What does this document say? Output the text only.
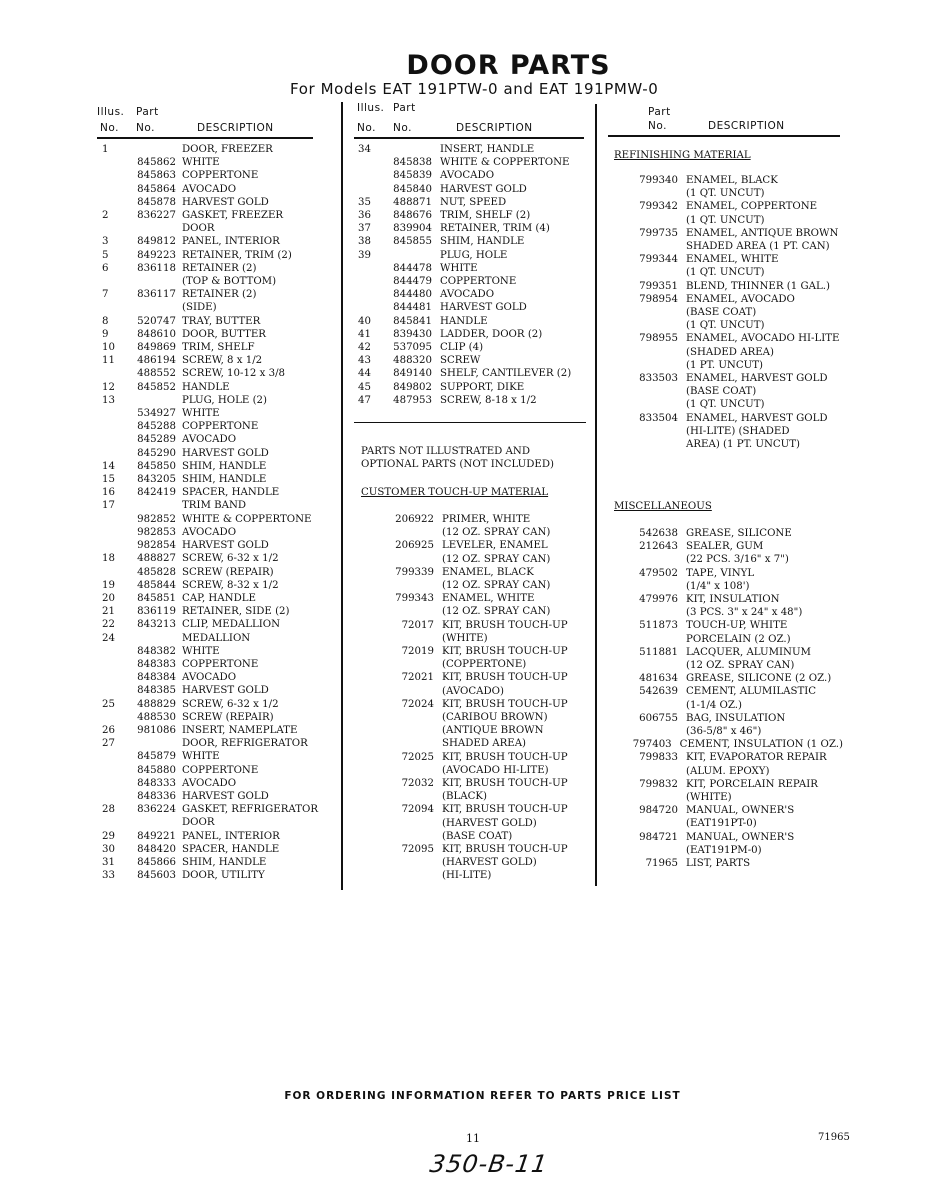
DOOR PARTS
For Models EAT 191PTW-0 and EAT 191PMW-0
Illus. Part
No. No.	DESCRIPTION
Illus. Part
No. No.	DESCRIPTION
Part
No.	DESCRIPTION
1	DOOR, FREEZER
845862 WHITE
845863 COPPERTONE
845864 AVOCADO
845878 HARVEST GOLD
2	836227 GASKET, FREEZER
DOOR
3	849812 PANEL, INTERIOR
5	849223 RETAINER, TRIM (2)
6	836118 RETAINER (2)
(TOP & BOTTOM)
7	836117 RETAINER (2)
(SIDE)
8	520747 TRAY, BUTTER
9	848610 DOOR, BUTTER
10	849869 TRIM, SHELF
11	486194 SCREW, 8 x 1/2
488552 SCREW, 10-12 x 3/8
12	845852 HANDLE
13	PLUG, HOLE (2)
534927 WHITE
845288 COPPERTONE
845289 AVOCADO
845290 HARVEST GOLD
14	845850 SHIM, HANDLE
15	843205 SHIM, HANDLE
16	842419 SPACER, HANDLE
17	TRIM BAND
982852 WHITE & COPPERTONE
982853 AVOCADO
982854 HARVEST GOLD
18	488827 SCREW, 6-32 x 1/2
485828 SCREW (REPAIR)
19	485844 SCREW, 8-32 x 1/2
20	845851 CAP, HANDLE
21	836119 RETAINER, SIDE (2)
22	843213 CLIP, MEDALLION
24	MEDALLION
848382 WHITE
848383 COPPERTONE
848384 AVOCADO
848385 HARVEST GOLD
25	488829 SCREW, 6-32 x 1/2
488530 SCREW (REPAIR)
26	981086 INSERT, NAMEPLATE
27	DOOR, REFRIGERATOR
845879 WHITE
845880 COPPERTONE
848333 AVOCADO
848336 HARVEST GOLD
28	836224 GASKET, REFRIGERATOR
DOOR
29	849221 PANEL, INTERIOR
30	848420 SPACER, HANDLE
31	845866 SHIM, HANDLE
33	845603 DOOR, UTILITY
34	INSERT, HANDLE
845838 WHITE & COPPERTONE
845839 AVOCADO
845840 HARVEST GOLD
35	488871 NUT, SPEED
36	848676 TRIM, SHELF (2)
37	839904 RETAINER, TRIM (4)
38	845855 SHIM, HANDLE
39	PLUG, HOLE
844478 WHITE
844479 COPPERTONE
844480 AVOCADO
844481 HARVEST GOLD
40	845841 HANDLE
41	839430 LADDER, DOOR (2)
42	537095 CLIP (4)
43	488320 SCREW
44	849140 SHELF, CANTILEVER (2)
45	849802 SUPPORT, DIKE
47	487953 SCREW, 8-18 x 1/2
PARTS NOT ILLUSTRATED AND
OPTIONAL PARTS (NOT INCLUDED)
CUSTOMER TOUCH-UP MATERIAL
206922 PRIMER, WHITE
(12 OZ. SPRAY CAN)
206925 LEVELER, ENAMEL
(12 OZ. SPRAY CAN)
799339 ENAMEL, BLACK
(12 OZ. SPRAY CAN)
799343 ENAMEL, WHITE
(12 OZ. SPRAY CAN)
72017 KIT, BRUSH TOUCH-UP
(WHITE)
72019 KIT, BRUSH TOUCH-UP
(COPPERTONE)
72021 KIT, BRUSH TOUCH-UP
(AVOCADO)
72024 KIT, BRUSH TOUCH-UP
(CARIBOU BROWN)
(ANTIQUE BROWN
SHADED AREA)
72025 KIT, BRUSH TOUCH-UP
(AVOCADO HI-LITE)
72032 KIT, BRUSH TOUCH-UP
(BLACK)
72094 KIT, BRUSH TOUCH-UP
(HARVEST GOLD)
(BASE COAT)
72095 KIT, BRUSH TOUCH-UP
(HARVEST GOLD)
(HI-LITE)
REFINISHING MATERIAL
799340 ENAMEL, BLACK
(1 QT. UNCUT)
799342 ENAMEL, COPPERTONE
(1 QT. UNCUT)
799735 ENAMEL, ANTIQUE BROWN
SHADED AREA (1 PT. CAN)
799344 ENAMEL, WHITE
(1 QT. UNCUT)
799351 BLEND, THINNER (1 GAL.)
798954 ENAMEL, AVOCADO
(BASE COAT)
(1 QT. UNCUT)
798955 ENAMEL, AVOCADO HI-LITE
(SHADED AREA)
(1 PT. UNCUT)
833503 ENAMEL, HARVEST GOLD
(BASE COAT)
(1 QT. UNCUT)
833504 ENAMEL, HARVEST GOLD
(HI-LITE) (SHADED
AREA) (1 PT. UNCUT)
MISCELLANEOUS
542638 GREASE, SILICONE
212643 SEALER, GUM
(22 PCS. 3/16" x 7")
479502 TAPE, VINYL
(1/4" x 108')
479976 KIT, INSULATION
(3 PCS. 3" x 24" x 48")
511873 TOUCH-UP, WHITE
PORCELAIN (2 OZ.)
511881 LACQUER, ALUMINUM
(12 OZ. SPRAY CAN)
481634 GREASE, SILICONE (2 OZ.)
542639 CEMENT, ALUMILASTIC
(1-1/4 OZ.)
606755 BAG, INSULATION
(36-5/8" x 46")
797403 CEMENT, INSULATION (1 OZ.)
799833 KIT, EVAPORATOR REPAIR
(ALUM. EPOXY)
799832 KIT, PORCELAIN REPAIR
(WHITE)
984720 MANUAL, OWNER'S
(EAT191PT-0)
984721 MANUAL, OWNER'S
(EAT191PM-0)
71965 LIST, PARTS
FOR ORDERING INFORMATION REFER TO PARTS PRICE LIST
11	71965
350-B-11
